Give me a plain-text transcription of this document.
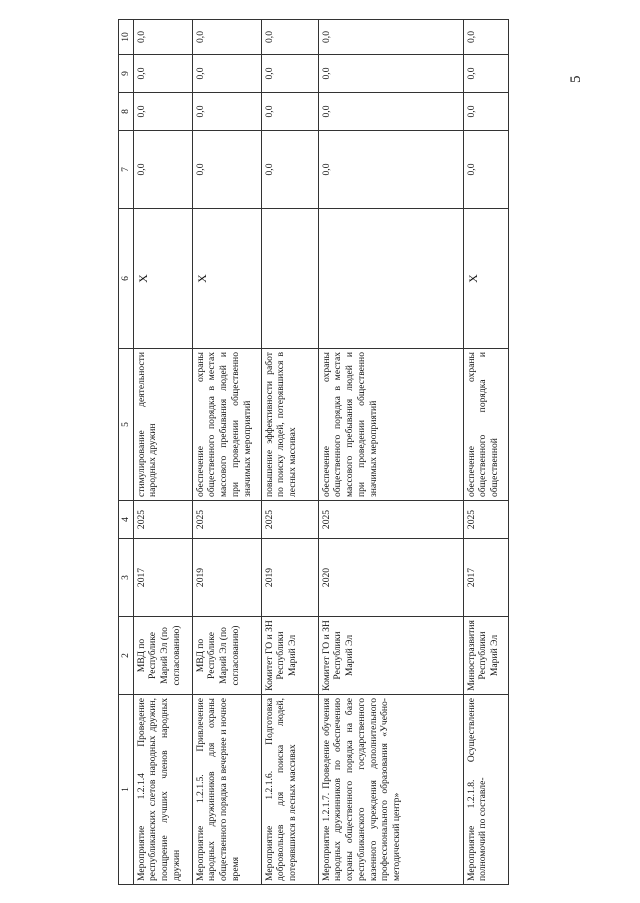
5
1	2	3	4	5	6	7	8	9	10
Мероприятие 1.2.1.4 Проведение республиканских слетов народных дружин, поощрение лучших членов народных дружин	МВД по Республике Марий Эл (по согласованию)	2017	2025	стимулирование деятельности народных дружин	X	0,0	0,0	0,0	0,0
Мероприятие 1.2.1.5. Привлечение народных дружинников для охраны общественного порядка в вечернее и ночное время	МВД по Республике Марий Эл (по согласованию)	2019	2025	обеспечение охраны общественного порядка в местах массового пребывания людей и при проведении общественно значимых мероприятий	X	0,0	0,0	0,0	0,0
Мероприятие 1.2.1.6. Подготовка добровольцев для поиска людей, потерявшихся в лесных массивах	Комитет ГО и ЗН Республики Марий Эл	2019	2025	повышение эффективности работ по поиску людей, потерявшихся в лесных массивах		0,0	0,0	0,0	0,0
Мероприятие 1.2.1.7. Проведение обучения народных дружинников по обеспечению охраны общественного порядка на базе республиканского государственного казенного учреждения дополнительного профессионального образования «Учебно-методический центр»	Комитет ГО и ЗН Республики Марий Эл	2020	2025	обеспечение охраны общественного порядка в местах массового пребывания людей и при проведении общественно значимых мероприятий		0,0	0,0	0,0	0,0
Мероприятие 1.2.1.8. Осуществление полномочий по составле-	Минюстразвития Республики Марий Эл	2017	2025	обеспечение охраны общественного порядка и общественной	X	0,0	0,0	0,0	0,0
